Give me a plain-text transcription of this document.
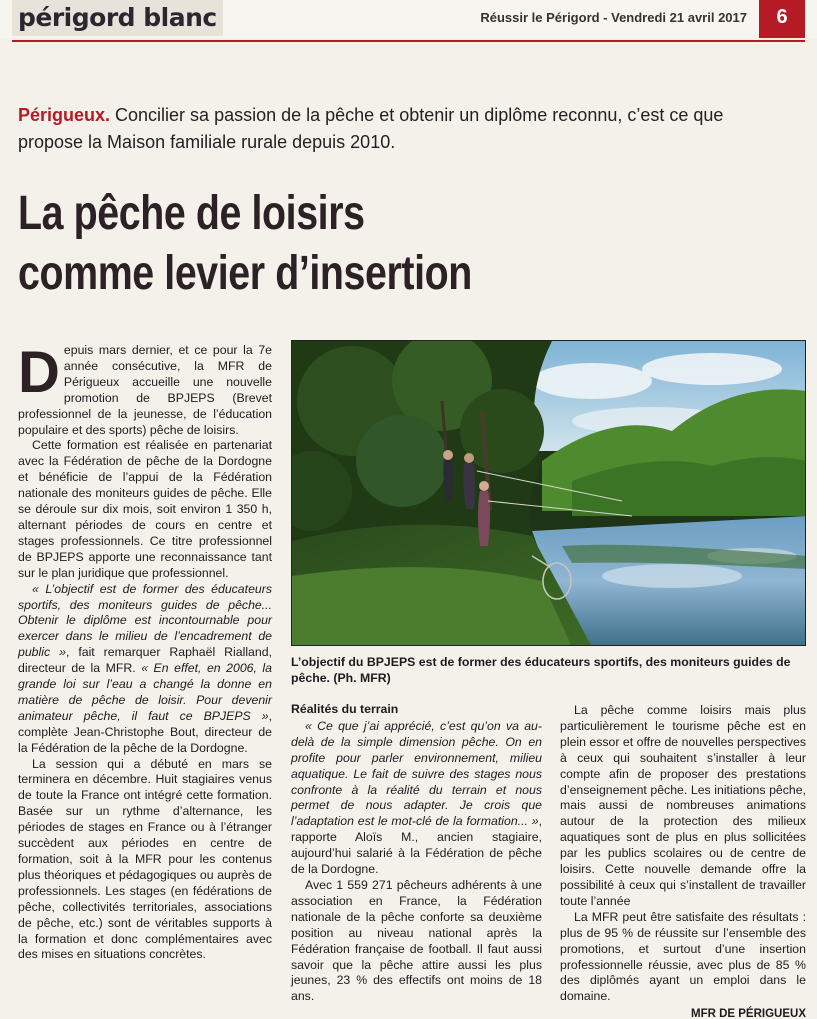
périgord blanc	Réussir le Périgord - Vendredi 21 avril 2017	6
Périgueux. Concilier sa passion de la pêche et obtenir un diplôme reconnu, c’est ce que propose la Maison familiale rurale depuis 2010.
La pêche de loisirs
comme levier d’insertion

Depuis mars dernier, et ce pour la 7e année consécutive, la MFR de Périgueux accueille une nouvelle promotion de BPJEPS (Brevet professionnel de la jeunesse, de l’éducation populaire et des sports) pêche de loisirs.

Cette formation est réalisée en partenariat avec la Fédération de pêche de la Dordogne et bénéficie de l’appui de la Fédération nationale des moniteurs guides de pêche. Elle se déroule sur dix mois, soit environ 1 350 h, alternant périodes de cours en centre et stages professionnels. Ce titre professionnel de BPJEPS apporte une reconnaissance tant sur le plan juridique que professionnel.

« L’objectif est de former des éducateurs sportifs, des moniteurs guides de pêche... Obtenir le diplôme est incontournable pour exercer dans le milieu de l’encadrement de public », fait remarquer Raphaël Rialland, directeur de la MFR. « En effet, en 2006, la grande loi sur l’eau a changé la donne en matière de pêche de loisir. Pour devenir animateur pêche, il faut ce BPJEPS », complète Jean-Christophe Bout, directeur de la Fédération de la pêche de la Dordogne.

La session qui a débuté en mars se terminera en décembre. Huit stagiaires venus de toute la France ont intégré cette formation. Basée sur un rythme d’alternance, les périodes de stages en France ou à l’étranger succèdent aux périodes en centre de formation, soit à la MFR pour les contenus plus théoriques et pédagogiques ou auprès de professionnels. Les stages (en fédérations de pêche, collectivités territoriales, associations de pêche, etc.) sont de véritables supports à la formation et donc complémentaires avec des mises en situations concrètes.

L’objectif du BPJEPS est de former des éducateurs sportifs, des moniteurs guides de pêche. (Ph. MFR)

Réalités du terrain

« Ce que j’ai apprécié, c’est qu’on va au-delà de la simple dimension pêche. On en profite pour parler environnement, milieu aquatique. Le fait de suivre des stages nous confronte à la réalité du terrain et nous permet de nous adapter. Je crois que l’adaptation est le mot-clé de la formation... », rapporte Aloïs M., ancien stagiaire, aujourd’hui salarié à la Fédération de pêche de la Dordogne.

Avec 1 559 271 pêcheurs adhérents à une association en France, la Fédération nationale de la pêche conforte sa deuxième position au niveau national après la Fédération française de football. Il faut aussi savoir que la pêche attire aussi les plus jeunes, 23 % des effectifs ont moins de 18 ans.

La pêche comme loisirs mais plus particulièrement le tourisme pêche est en plein essor et offre de nouvelles perspectives à ceux qui souhaitent s’installer à leur compte afin de proposer des prestations d’enseignement pêche. Les initiations pêche, mais aussi de nombreuses animations autour de la protection des milieux aquatiques sont de plus en plus sollicitées par les publics scolaires ou de centre de loisirs. Cette nouvelle demande offre la possibilité à ceux qui s’installent de travailler toute l’année

La MFR peut être satisfaite des résultats : plus de 95 % de réussite sur l’ensemble des promotions, et surtout d’une insertion professionnelle réussie, avec plus de 85 % des diplômés ayant un emploi dans le domaine.

MFR DE PÉRIGUEUX
